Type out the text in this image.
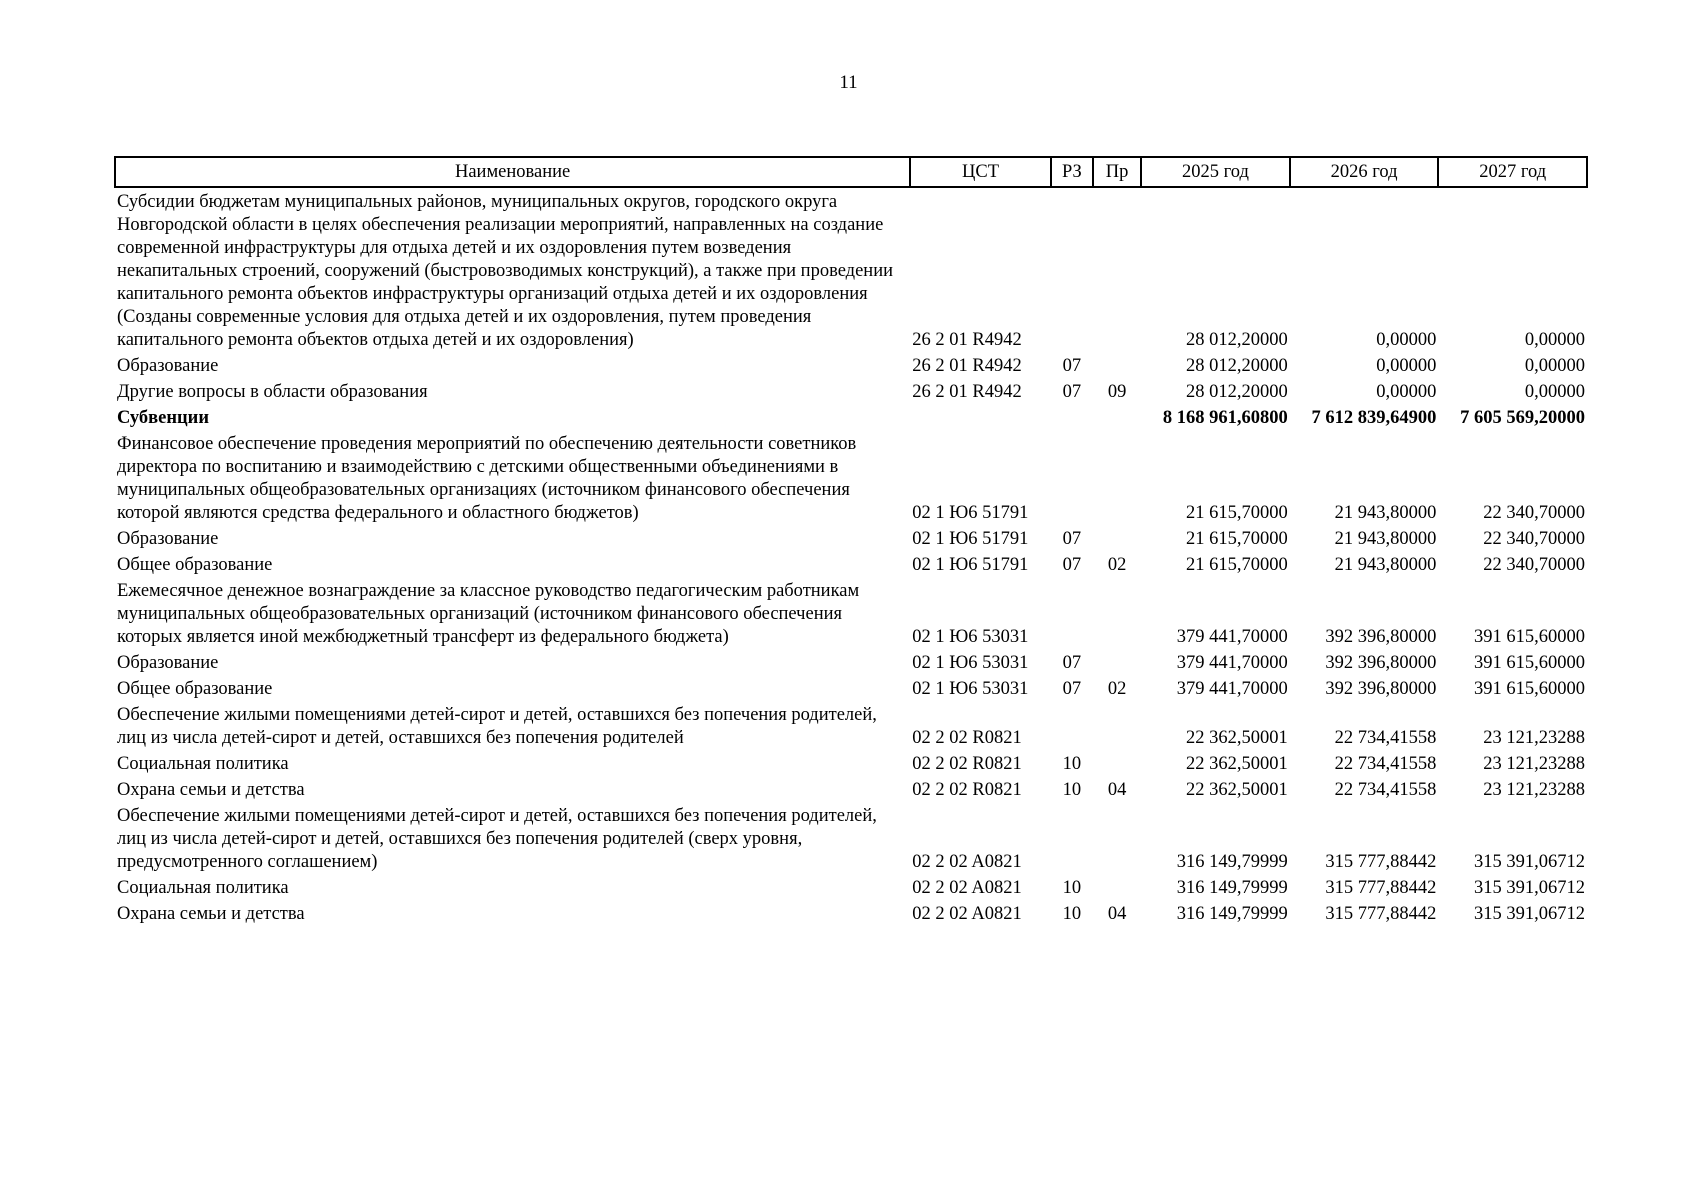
11
Наименование	ЦСТ	РЗ	Пр	2025 год	2026 год	2027 год
Субсидии бюджетам муниципальных районов, муниципальных округов, городского округа Новгородской области в целях обеспечения реализации мероприятий, направленных на создание современной инфраструктуры для отдыха детей и их оздоровления путем возведения некапитальных строений, сооружений (быстровозводимых конструкций), а также при проведении капитального ремонта объектов инфраструктуры организаций отдыха детей и их оздоровления (Созданы современные условия для отдыха детей и их оздоровления, путем проведения капитального ремонта объектов отдыха детей и их оздоровления)	26 2 01 R4942			28 012,20000	0,00000	0,00000
Образование	26 2 01 R4942	07		28 012,20000	0,00000	0,00000
Другие вопросы в области образования	26 2 01 R4942	07	09	28 012,20000	0,00000	0,00000
Субвенции				8 168 961,60800	7 612 839,64900	7 605 569,20000
Финансовое обеспечение проведения мероприятий по обеспечению деятельности советников директора по воспитанию и взаимодействию с детскими общественными объединениями в муниципальных общеобразовательных организациях (источником финансового обеспечения которой являются средства федерального и областного бюджетов)	02 1 Ю6 51791			21 615,70000	21 943,80000	22 340,70000
Образование	02 1 Ю6 51791	07		21 615,70000	21 943,80000	22 340,70000
Общее образование	02 1 Ю6 51791	07	02	21 615,70000	21 943,80000	22 340,70000
Ежемесячное денежное вознаграждение за классное руководство педагогическим работникам муниципальных общеобразовательных организаций (источником финансового обеспечения которых является иной межбюджетный трансферт из федерального бюджета)	02 1 Ю6 53031			379 441,70000	392 396,80000	391 615,60000
Образование	02 1 Ю6 53031	07		379 441,70000	392 396,80000	391 615,60000
Общее образование	02 1 Ю6 53031	07	02	379 441,70000	392 396,80000	391 615,60000
Обеспечение жилыми помещениями детей-сирот и детей, оставшихся без попечения родителей, лиц из числа детей-сирот и детей, оставшихся без попечения родителей	02 2 02 R0821			22 362,50001	22 734,41558	23 121,23288
Социальная политика	02 2 02 R0821	10		22 362,50001	22 734,41558	23 121,23288
Охрана семьи и детства	02 2 02 R0821	10	04	22 362,50001	22 734,41558	23 121,23288
Обеспечение жилыми помещениями детей-сирот и детей, оставшихся без попечения родителей, лиц из числа детей-сирот и детей, оставшихся без попечения родителей (сверх уровня, предусмотренного соглашением)	02 2 02 A0821			316 149,79999	315 777,88442	315 391,06712
Социальная политика	02 2 02 A0821	10		316 149,79999	315 777,88442	315 391,06712
Охрана семьи и детства	02 2 02 A0821	10	04	316 149,79999	315 777,88442	315 391,06712
